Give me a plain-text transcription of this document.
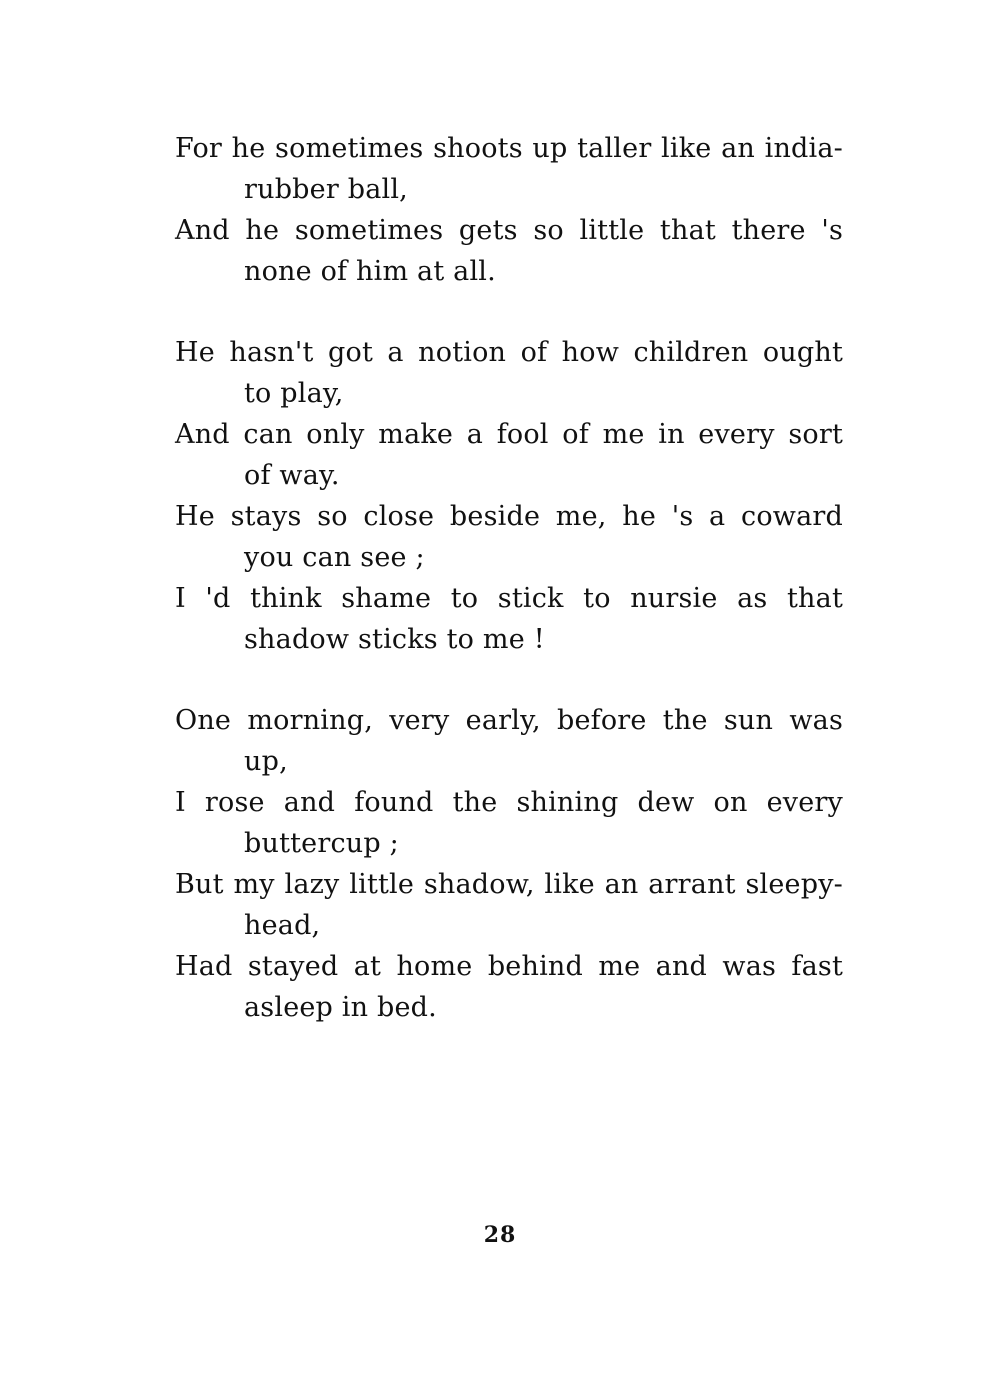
For he sometimes shoots up taller like an india-
rubber ball,

And he sometimes gets so little that there 's
none of him at all.

He hasn't got a notion of how children ought
to play,

And can only make a fool of me in every sort
of way.

He stays so close beside me, he 's a coward
you can see ;

I 'd think shame to stick to nursie as that
shadow sticks to me !

One morning, very early, before the sun was
up,

I rose and found the shining dew on every
buttercup ;

But my lazy little shadow, like an arrant sleepy-
head,

Had stayed at home behind me and was fast
asleep in bed.

28
